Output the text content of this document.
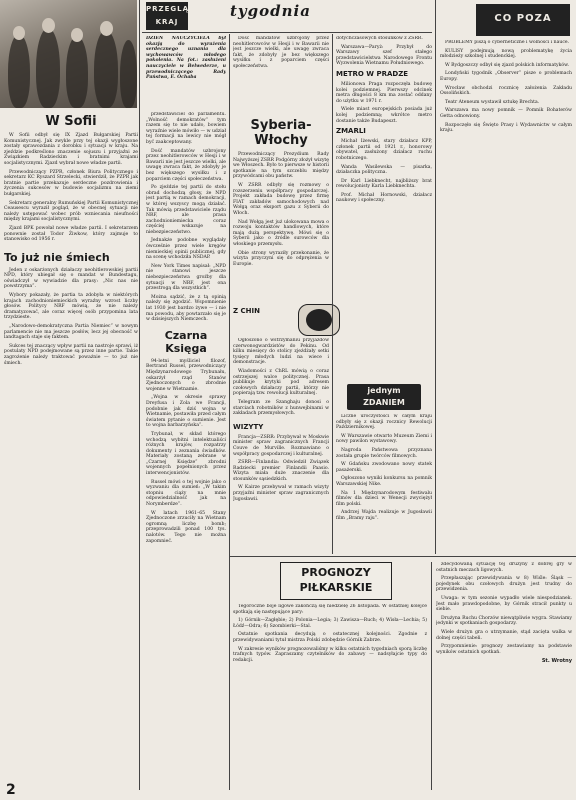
PRZEGLĄD KRAJ
tygodnia

DZIEŃ NAUCZYCIELA był okazją do wyrażenia serdecznego uznania dla wychowawców młodego pokolenia. Na fot.: zasłużeni nauczyciele w Belwederze, u przewodniczącego Rady Państwa, E. Ochaba

W Sofii

W Sofii odbył się IX Zjazd Bułgarskiej Partii Komunistycznej. Jak zwykle przy tej okazji wygłoszone zostały sprawozdania z dorobku i sytuacji w kraju. Na zjeździe podkreślono znaczenie sojuszu i przyjaźni ze Związkiem Radzieckim i bratnimi krajami socjalistycznymi. Zjazd wybrał nowe władze partii.

Przewodniczący PZPR, członek Biura Politycznego i sekretarz KC Ryszard Strzelecki, stwierdził, że PZPR jak bratnie partie przekazuje serdeczne pozdrowienia i życzenia sukcesów w budowie socjalizmu na ziemi bułgarskiej.

Sekretarz generalny Rumuńskiej Partii Komunistycznej Ceausescu wyraził pogląd, że w obecnej sytuacji nie należy ustępować wobec prób wzniecania nieufności między krajami socjalistycznymi.

Zjazd BPK powołał nowe władze partii. I sekretarzem ponownie został Todor Żiwkow, który zajmuje to stanowisko od 1956 r.

To już nie śmiech

Jeden z oskarżonych działaczy neohitlerowskiej partii NPD, który ubiegał się o mandat w Bundestagu, oświadczył w wywiadzie dla prasy: „Nic nas nie powstrzyma”.

Wybory pokazały, że partia ta zdobyła w niektórych krajach zachodnioniemieckich wyraźny wzrost liczby głosów. Politycy NRF mówią, że nie należy dramatyzować, ale coraz więcej osób przypomina lata trzydzieste.

„Narodowo-demokratyczna Partia Niemiec” w nowym parlamencie nie ma jeszcze posłów, lecz jej obecność w landtagach staje się faktem.

Sukces tej znaczący wpływ partii na nastroje sprawi, iż postulaty NPD podejmowane są przez inne partie. Takie zagrożenie należy traktować poważnie — to już nie śmiech.

przedstawiciel do parlamentu. „Wolność demokratów” tym razem się to nie udało, bowiem wyraźnie wiele mówiło — w udział tej formacji na lewicy nie mógł być zaakceptowany.

Dość mandatów uzbrojony przez neohitlerowców w Hesji i w Bawarii nie jest jeszcze wielki, ale uwagę zwraca fakt, że zdobyły je bez większego wysiłku i z poparciem części społeczeństwa.

Po zjeździe tej partii do stołu obrad dochodzą głosy, że NPD jest partią w ramach demokracji, w której wszyscy mogą działać. Tak mówią przedstawiciele rządu NRF, ale prasa zachodnioniemiecka coraz częściej wskazuje na niebezpieczeństwo.

Jednakże podobne wyglądały ówcześnie przez wiele kręgów niemieckiej opinii publicznej, gdy na scenę wchodziła NSDAP.

New York Times napisał: „NPD nie stanowi jeszcze niebezpieczeństwa groźby dla sytuacji w NRF, jest ona przestrogą dla wszystkich”.

Można sądzić, że z tą opinią należy się zgodzić. Wspomnienie lat 1930 jest bardzo żywe — i nie ma powodu, aby powtarzało się je w dzisiejszych Niemczech.

Czarna Księga

94-letni myśliciel filozof, Bertrand Russel, przewodniczący Międzynarodowego Trybunału, oskarżył rząd Stanów Zjednoczonych o zbrodnie wojenne w Wietnamie.

„Wojna w okresie sprawy Dreyfusa i Zola we Francji, podobnie jak dziś wojna w Wietnamie, postawiła przed całym światem pytanie o sumienie. Jest to wojna barbarzyńska”.

Trybunał, w skład którego wchodzą wybitni intelektualiści różnych krajów, rozpatrzy dokumenty i zeznania świadków. Materiały zostaną zebrane w „Czarnej Księdze” zbrodni wojennych popełnionych przez interwencjonistów.

Russel mówi o tej wojnie jako o wyzwaniu dla sumień: „W takim stopniu ciąży na mnie odpowiedzialność jak na Norymberdze”.

W latach 1961–65 Stany Zjednoczone zrzuciły na Wietnam ogromną liczbę bomb; przeprowadzili ponad 100 tys. nalotów. Tego nie można zapomnieć.

Syberia-Włochy

Przewodniczący Prezydium Rady Najwyższej ZSRR Podgórny złożył wizytę we Włoszech. Było to pierwsze w historii spotkanie na tym szczeblu między przywódcami obu państw.

W ZSRR odbyły się rozmowy o rozszerzeniu współpracy gospodarczej. Projekt zakłada budowę przez firmę FIAT zakładów samochodowych nad Wołgą oraz eksport gazu z Syberii do Włoch.

Nad Wołgą jest już ulokowana mowa o rozwoju kontaktów handlowych, które mają dużą perspektywę. Mówi się o Syberii jako o źródle surowców dla włoskiego przemysłu.

Obie strony wyraziły przekonanie, że wizyta przyczyni się do odprężenia w Europie.

Dość mandatów uzbrojony przez neohitlerowców w Hesji i w Bawarii nie jest jeszcze wielki, ale uwagę zwraca fakt, że zdobyły je bez większego wysiłku i z poparciem części społeczeństwa.

Z CHIN

Ogłoszono o wstrzymaniu przyjazdów czerwonogwardzistów do Pekinu. Od kilku miesięcy do stolicy zjeżdżały setki tysięcy młodych ludzi na wiece i demonstracje.

Wiadomości z ChRL mówią o coraz ostrzejszej walce politycznej. Prasa publikuje krytyki pod adresem czołowych działaczy partii, którzy nie popierają tzw. rewolucji kulturalnej.

Telegram ze Szanghaju donosi o starciach robotników z hunwejbinami w zakładach przemysłowych.

WIZYTY

Francja—ZSRR: Przybywał w Moskwie minister spraw zagranicznych Francji Couve de Murville. Rozmawiano o współpracy gospodarczej i kulturalnej.

ZSRR—Finlandia: Odwiedził Związek Radziecki premier Finlandii Paasio. Wizyta miała duże znaczenie dla stosunków sąsiedzkich.

W Kairze przebywał w ramach wizyty przyjaźni minister spraw zagranicznych Jugosławii.

dotychczasowych stosunków z ZSRR.

Warszawa—Paryż: Przybył do Warszawy szef stałego przedstawicielstwa Narodowego Frontu Wyzwolenia Wietnamu Południowego.

METRO W PRADZE

Milionowa Praga rozpoczęła budowę kolei podziemnej. Pierwszy odcinek metra długości 8 km ma zostać oddany do użytku w 1971 r.

Wiele miast europejskich posiada już kolej podziemną; wkrótce metro dostanie także Budapeszt.

ZMARLI

Michał Iżewski, stary działacz KPP, członek partii od 1921 r., honorowy obywatel, zasłużony działacz ruchu robotniczego.

Wanda Wasilewska — pisarka, działaczka polityczna.

Dr Karl Liebknecht, najbliższy brat rewolucjonisty Karla Liebknechta.

Prof. Michał Hornowski, działacz naukowy i społeczny.

jednym ZDANIEM

Liczne uroczystości w całym kraju odbyły się z okazji rocznicy Rewolucji Październikowej.

W Warszawie otwarto Muzeum Ziemi i nowy pawilon wystawowy.

Nagroda Państwowa przyznana została grupie twórców filmowych.

W Gdańsku zwodowano nowy statek pasażerski.

Ogłoszono wyniki konkursu na pomnik Warszawskiej Nike.

Na 1 Międzynarodowym festiwalu filmów dla dzieci w Wenecji zwyciężył film polski.

Andrzej Wajda realizuje w Jugosławii film „Bramy raju”.

CO POZA

PROBLEMY piszą o cyberneticzne i wolności i nauce.

KULISY podejmują nową problematykę życia młodzieży szkolnej i studenckiej.

W Bydgoszczy odbył się zjazd polskich informatyków.

Londyński tygodnik „Observer” pisze o problemach Europy.

Wrocław obchodzi rocznicę założenia Zakładu Ossolińskich.

Teatr Ateneum wystawił sztukę Brechta.

Warszawa ma nowy pomnik — Pomnik Bohaterów Getta odnowiony.

Rozpoczęło się Święto Prasy i Wydawnictw w całym kraju.

PROGNOZY PIŁKARSKIE

Tegoroczne boje ligowe zakończą się niedzielę 26 listopada. W ostatniej kolejce spotkają się następujące pary:

1) Górnik—Zagłębie; 2) Polonia—Legia; 3) Zawisza—Ruch; 4) Wisła—Lechia; 5) Łódź—Odra; 6) Szombierki—Stal.

Ostatnie spotkania decydują o ostatecznej kolejności. Zgodnie z przewidywaniami tytuł mistrza Polski zdobędzie Górnik Zabrze.

W zakresie wyników prognozowaliśmy w kilku ostatnich tygodniach sporą liczbę trafnych typów. Zapraszamy czytelników do zabawy — nadsyłajcie typy do redakcji.

zdecydowaną sytuację tej drużyny z dobrej gry w ostatnich meczach ligowych.

Przepłaszając przewidywania w 8) Wiśle: Śląsk — pojedynek obu czołowych drużyn jest trudny do przewidzenia.

Uwaga: w tym sezonie wypadło wiele niespodzianek. Jest mało prawdopodobne, by Górnik stracił punkty u siebie.

Drużyna Ruchu Chorzów niewątpliwie wygra. Stawiamy jedynki w spotkaniach gospodarzy.

Wiele drużyn gra o utrzymanie, stąd zacięta walka w dolnej części tabeli.

Przypomnienie: prognozy zestawiamy na podstawie wyników ostatnich spotkań.

St. Wrotny
2
